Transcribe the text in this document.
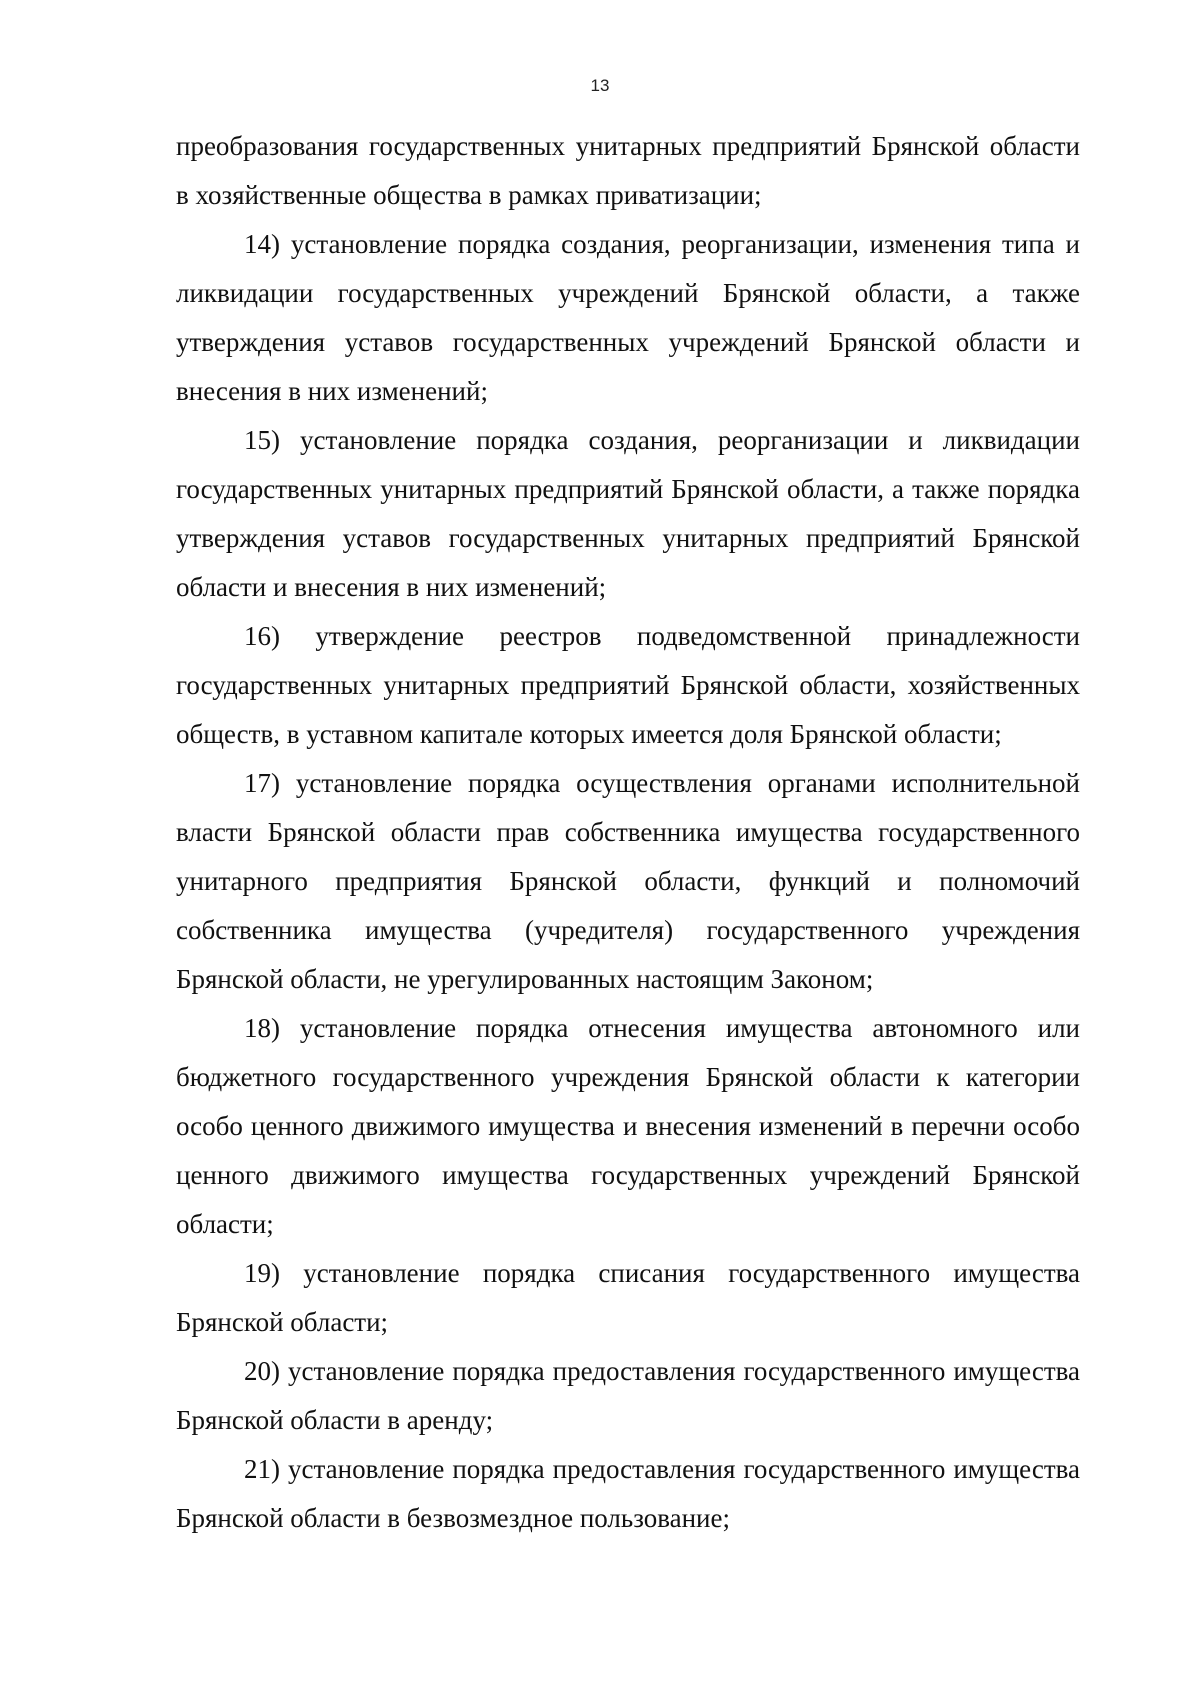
13

преобразования государственных унитарных предприятий Брянской области в хозяйственные общества в рамках приватизации;

14) установление порядка создания, реорганизации, изменения типа и ликвидации государственных учреждений Брянской области, а также утверждения уставов государственных учреждений Брянской области и внесения в них изменений;

15) установление порядка создания, реорганизации и ликвидации государственных унитарных предприятий Брянской области, а также порядка утверждения уставов государственных унитарных предприятий Брянской области и внесения в них изменений;

16) утверждение реестров подведомственной принадлежности государственных унитарных предприятий Брянской области, хозяйственных обществ, в уставном капитале которых имеется доля Брянской области;

17) установление порядка осуществления органами исполнительной власти Брянской области прав собственника имущества государственного унитарного предприятия Брянской области, функций и полномочий собственника имущества (учредителя) государственного учреждения Брянской области, не урегулированных настоящим Законом;

18) установление порядка отнесения имущества автономного или бюджетного государственного учреждения Брянской области к категории особо ценного движимого имущества и внесения изменений в перечни особо ценного движимого имущества государственных учреждений Брянской области;

19) установление порядка списания государственного имущества Брянской области;

20) установление порядка предоставления государственного имущества Брянской области в аренду;

21) установление порядка предоставления государственного имущества Брянской области в безвозмездное пользование;
